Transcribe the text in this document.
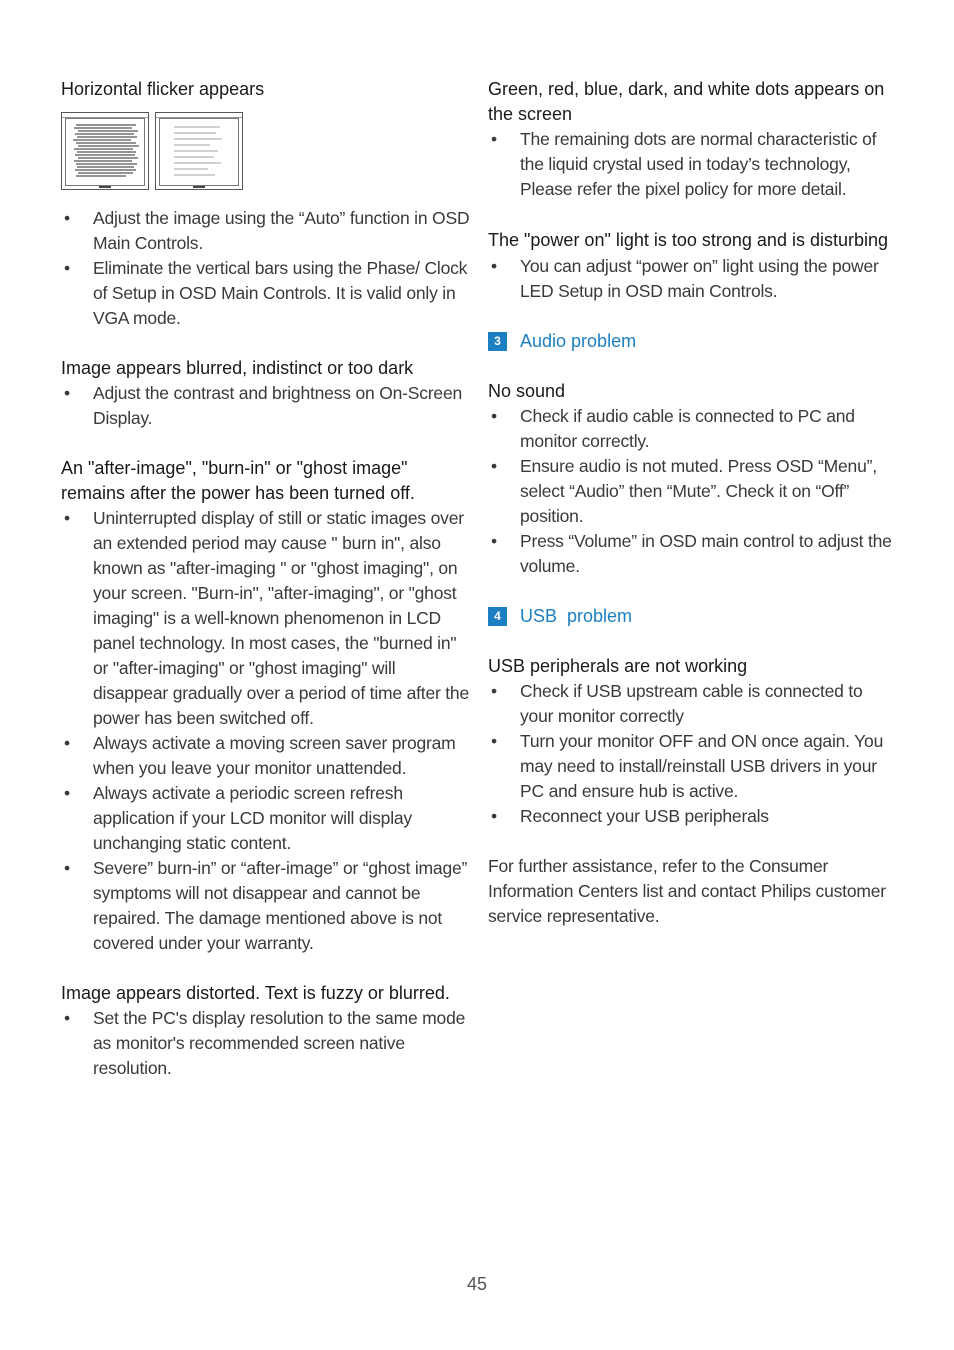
Horizontal flicker appears

• Adjust the image using the “Auto” function in OSD Main Controls.
• Eliminate the vertical bars using the Phase/ Clock of Setup in OSD Main Controls. It is valid only in VGA mode.

Image appears blurred, indistinct or too dark

• Adjust the contrast and brightness on On-Screen Display.

An "after-image", "burn-in" or "ghost image" remains after the power has been turned off.

• Uninterrupted display of still or static images over an extended period may cause " burn in", also known as "after-imaging " or "ghost imaging", on your screen. "Burn-in", "after-imaging", or "ghost imaging" is a well-known phenomenon in LCD panel technology. In most cases, the "burned in" or "after-imaging" or "ghost imaging" will disappear gradually over a period of time after the power has been switched off.
• Always activate a moving screen saver program when you leave your monitor unattended.
• Always activate a periodic screen refresh application if your LCD monitor will display unchanging static content.
• Severe” burn-in” or “after-image” or “ghost image” symptoms will not disappear and cannot be repaired. The damage mentioned above is not covered under your warranty.

Image appears distorted. Text is fuzzy or blurred.

• Set the PC's display resolution to the same mode as monitor's recommended screen native resolution.

Green, red, blue, dark, and white dots appears on the screen

• The remaining dots are normal characteristic of the liquid crystal used in today’s technology, Please refer the pixel policy for more detail.

The "power on" light is too strong and is disturbing

• You can adjust “power on” light using the power LED Setup in OSD main Controls.
3	Audio problem

No sound

• Check if audio cable is connected to PC and monitor correctly.
• Ensure audio is not muted. Press OSD “Menu”, select “Audio” then “Mute”. Check it on “Off” position.
• Press “Volume” in OSD main control to adjust the volume.
4	USB  problem

USB peripherals are not working

• Check if USB upstream cable is connected to your monitor correctly
• Turn your monitor OFF and ON once again. You may need to install/reinstall USB drivers in your PC and ensure hub is active.
• Reconnect your USB peripherals

For further assistance, refer to the Consumer Information Centers list and contact Philips customer service representative.

45
